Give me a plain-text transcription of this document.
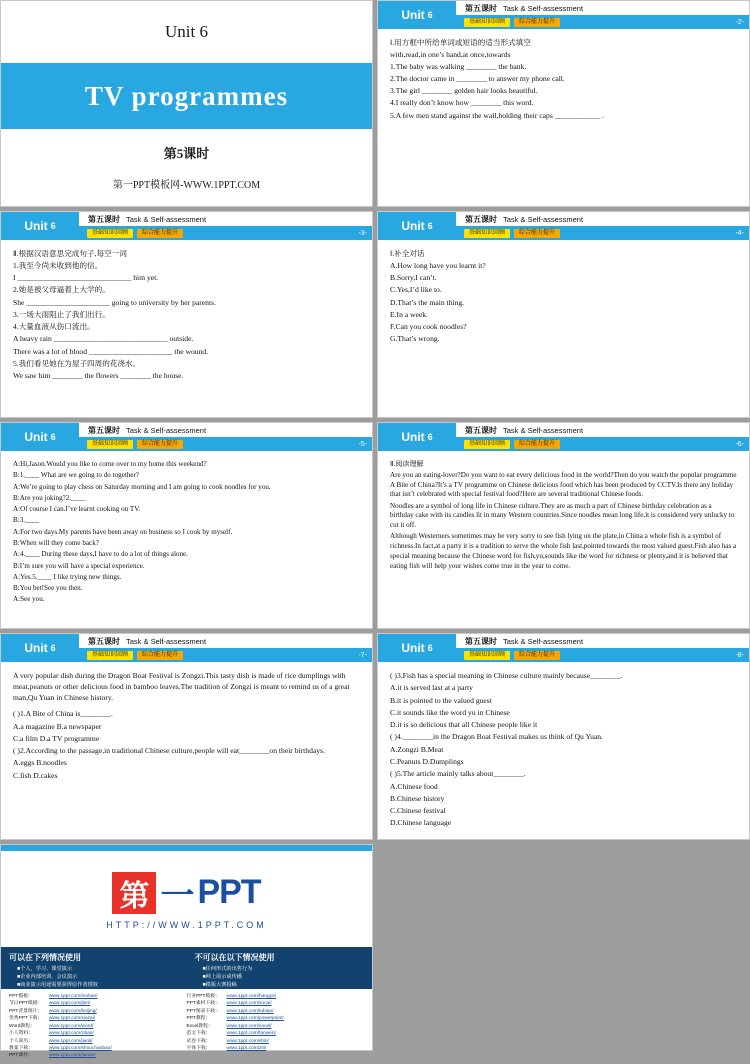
Unit 6
TV programmes
第5课时
第一PPT模板网-WWW.1PPT.COM
Unit 6
第五课时 Task & Self-assessment
基础知识回顾	综合能力提升	-2-

Ⅰ.用方框中所给单词或短语的适当形式填空

with,read,in one’s hand,at once,towards

1.The baby was walking ________ the bank.

2.The doctor came in ________ to answer my phone call.

3.The girl ________ golden hair looks beautiful.

4.I really don’t know how ________ this word.

5.A few men stand against the wall,holding their caps ____________ .

Unit 6
第五课时 Task & Self-assessment
基础知识回顾	综合能力提升	-3-

Ⅱ.根据汉语意思完成句子,每空一词

1.我至今尚未收到他的信。

I ______________________________ him yet.

2.她是被父母逼着上大学的。

She ______________________ going to university by her parents.

3.一场大雨阻止了我们出行。

4.大量血液从伤口流出。

A heavy rain ______________________________ outside.

There was a lot of blood ______________________ the wound.

5.我们看见她在为屋子四周的花浇水。

We saw him ________ the flowers ________ the house.

Unit 6
第五课时 Task & Self-assessment
基础知识回顾	综合能力提升	-4-

Ⅰ.补全对话

A.How long have you learnt it?

B.Sorry,I can’t.

C.Yes,I’d like to.

D.That’s the main thing.

E.In a week.

F.Can you cook noodles?

G.That’s wrong.

Unit 6
第五课时 Task & Self-assessment
基础知识回顾	综合能力提升	-5-

A:Hi,Jason.Would you like to come over to my home this weekend?

B:1.____ What are we going to do together?

A:We’re going to play chess on Saturday morning and I am going to cook noodles for you.

B:Are you joking?2.____

A:Of course I can.I’ve learnt cooking on TV.

B:3.____

A:For two days.My parents have been away on business so I cook by myself.

B:When will they come back?

A:4.____ During these days,I have to do a lot of things alone.

B:I’m sure you will have a special experience.

A:Yes.5.____ I like trying new things.

B:You bet!See you then.

A:See you.

Unit 6
第五课时 Task & Self-assessment
基础知识回顾	综合能力提升	-6-

Ⅱ.阅读理解

Are you an eating-lover?Do you want to eat every delicious food in the world?Then do you watch the popular programme A Bite of China?It’s a TV programme on Chinese delicious food which has been produced by CCTV.Is there any holiday that isn’t celebrated with special festival food?Here are several traditional Chinese foods.

Noodles are a symbol of long life in Chinese culture.They are as much a part of Chinese birthday celebration as a birthday cake with its candles lit in many Western countries.Since noodles mean long life,it is considered very unlucky to cut it off.

Although Westerners sometimes may be very sorry to see fish lying on the plate,in China a whole fish is a symbol of richness.In fact,at a party it is a tradition to serve the whole fish last,pointed towards the most valued guest.Fish also has a special meaning because the Chinese word for fish,yu,sounds like the word for richness or plenty,and it is believed that eating fish will help your wishes come true in the year to come.

Unit 6
第五课时 Task & Self-assessment
基础知识回顾	综合能力提升	-7-

A very popular dish during the Dragon Boat Festival is Zongzi.This tasty dish is made of rice dumplings with meat,peanuts or other delicious food in bamboo leaves.The tradition of Zongzi is meant to remind us of a great man,Qu Yuan in Chinese history.

( )1.A Bite of China is________.

A.a magazine B.a newspaper

C.a film D.a TV programme

( )2.According to the passage,in traditional Chinese culture,people will eat________on their birthdays.

A.eggs B.noodles

C.fish D.cakes

Unit 6
第五课时 Task & Self-assessment
基础知识回顾	综合能力提升	-8-

( )3.Fish has a special meaning in Chinese culture mainly because________.

A.it is served last at a party

B.it is pointed to the valued guest

C.it sounds like the word yu in Chinese

D.it is so delicious that all Chinese people like it

( )4.________in the Dragon Boat Festival makes us think of Qu Yuan.

A.Zongzi B.Meat

C.Peanuts D.Dumplings

( )5.The article mainly talks about________.

A.Chinese food

B.Chinese history

C.Chinese festival

D.Chinese language

第 一 PPT
HTTP://WWW.1PPT.COM
可以在下列情况使用
■个人，学习、课堂演示
■企业内部培训、会议演示
■商业演示用途需要获得原作者授权
不可以在以下情况使用
■任何形式的出售行为
■网上展示或传播
■模板大赛投稿
PPT模板：	www.1ppt.com/moban/
节日PPT模板：	www.1ppt.com/jieri/
PPT背景图片：	www.1ppt.com/beijing/
优秀PPT下载：	www.1ppt.com/xiazai/
Word教程：	www.1ppt.com/word/
小人资料：	www.1ppt.com/ziliao/
个人简历：	www.1ppt.com/jianli/
教案下载：	www.1ppt.com/shouchaobao/
PPT课件：	www.1ppt.com/jiaoan/
行业PPT模板：	www.1ppt.com/hangye/
PPT素材下载：	www.1ppt.com/sucai/
PPT图表下载：	www.1ppt.com/tubiao/
PPT教程：	www.1ppt.com/powerpoint/
Excel教程：	www.1ppt.com/excel/
范文下载：	www.1ppt.com/fanwen/
试卷下载：	www.1ppt.com/shiti/
字体下载：	www.1ppt.com/ziti/
